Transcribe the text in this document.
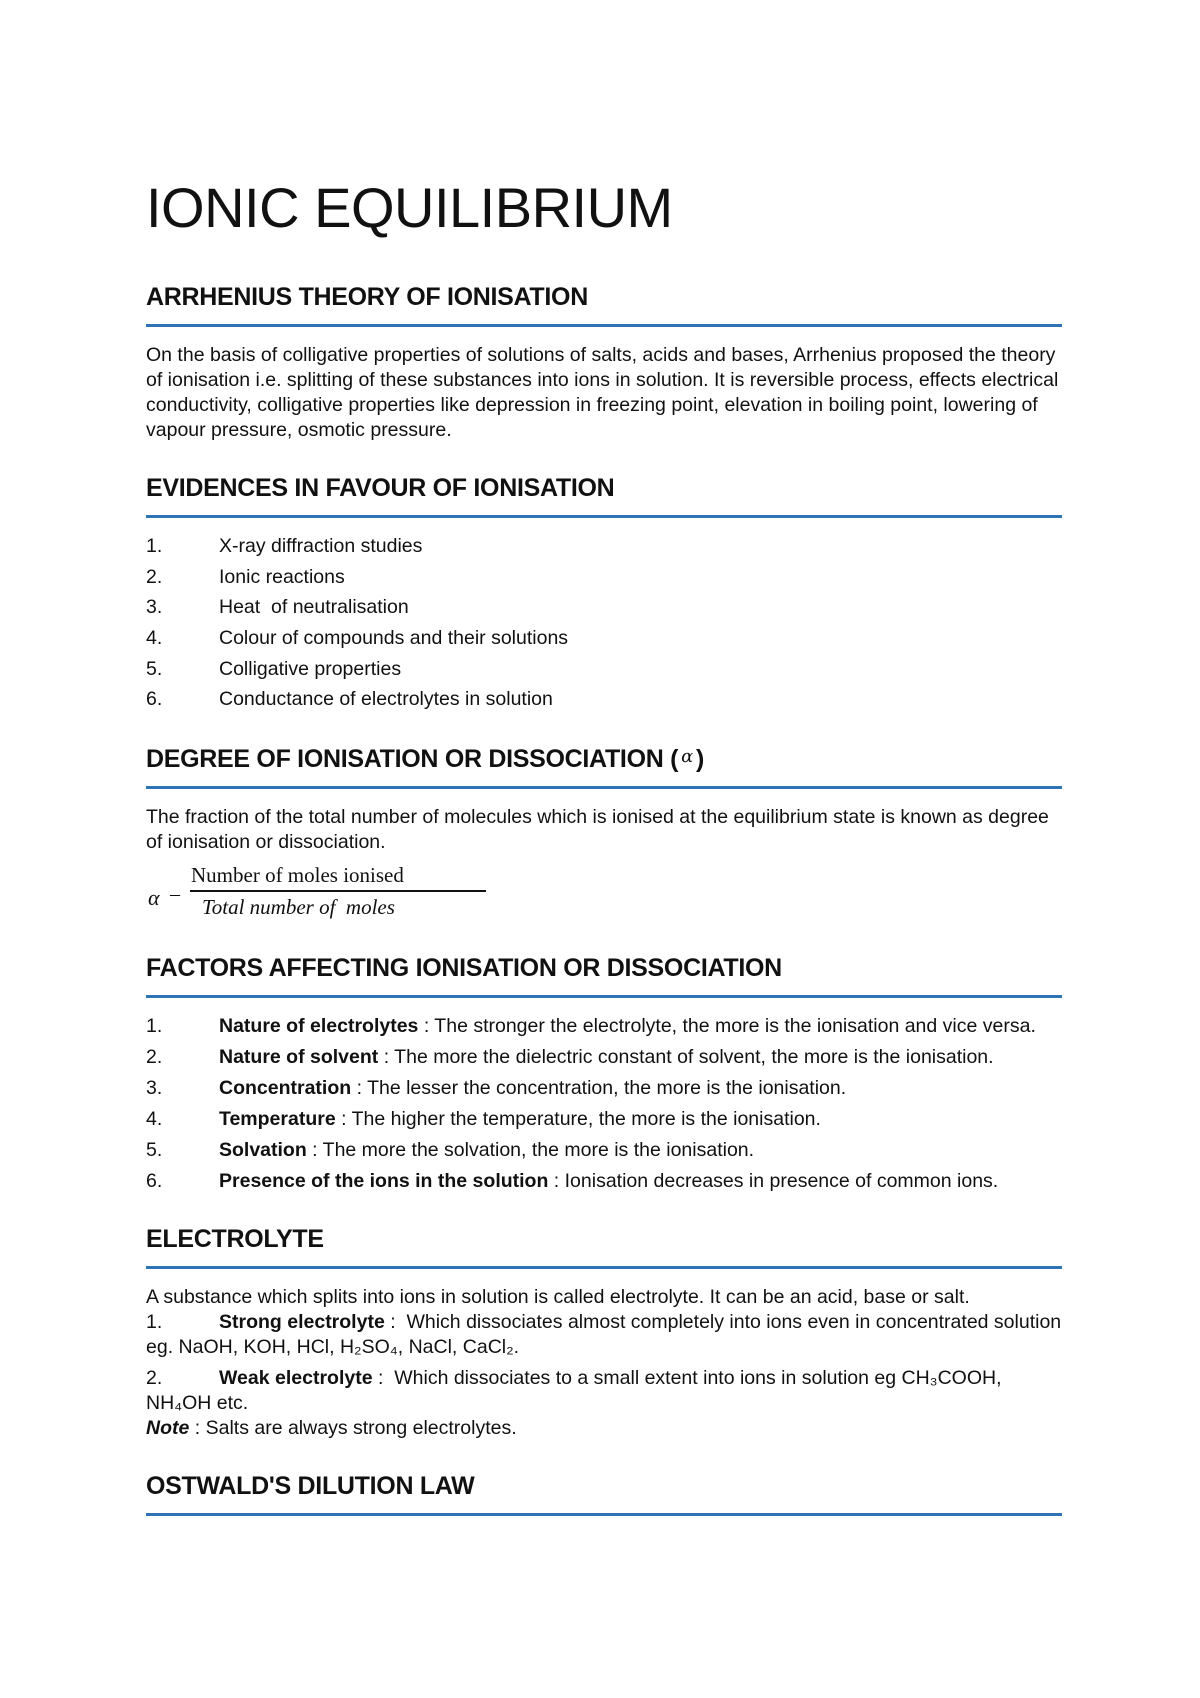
IONIC EQUILIBRIUM
ARRHENIUS THEORY OF IONISATION

On the basis of colligative properties of solutions of salts, acids and bases, Arrhenius proposed the theory of ionisation i.e. splitting of these substances into ions in solution. It is reversible process, effects electrical conductivity, colligative properties like depression in freezing point, elevation in boiling point, lowering of vapour pressure, osmotic pressure.

EVIDENCES IN FAVOUR OF IONISATION
1.	X-ray diffraction studies
2.	Ionic reactions
3.	Heat  of neutralisation
4.	Colour of compounds and their solutions
5.	Colligative properties
6.	Conductance of electrolytes in solution
DEGREE OF IONISATION OR DISSOCIATION ( $^\alpha$ )

The fraction of the total number of molecules which is ionised at the equilibrium state is known as degree of ionisation or dissociation.

α –
Number of moles ionised
Total number of  moles
FACTORS AFFECTING IONISATION OR DISSOCIATION
1.	Nature of electrolytes : The stronger the electrolyte, the more is the ionisation and vice versa.
2.	Nature of solvent : The more the dielectric constant of solvent, the more is the ionisation.
3.	Concentration : The lesser the concentration, the more is the ionisation.
4.	Temperature : The higher the temperature, the more is the ionisation.
5.	Solvation : The more the solvation, the more is the ionisation.
6.	Presence of the ions in the solution : Ionisation decreases in presence of common ions.
ELECTROLYTE

A substance which splits into ions in solution is called electrolyte. It can be an acid, base or salt.

1.	Strong electrolyte :  Which dissociates almost completely into ions even in concentrated solution eg. NaOH, KOH, HCl, H₂SO₄, NaCl, CaCl₂.
2.	Weak electrolyte :  Which dissociates to a small extent into ions in solution eg CH₃COOH, NH₄OH etc.

Note : Salts are always strong electrolytes.

OSTWALD'S DILUTION LAW
